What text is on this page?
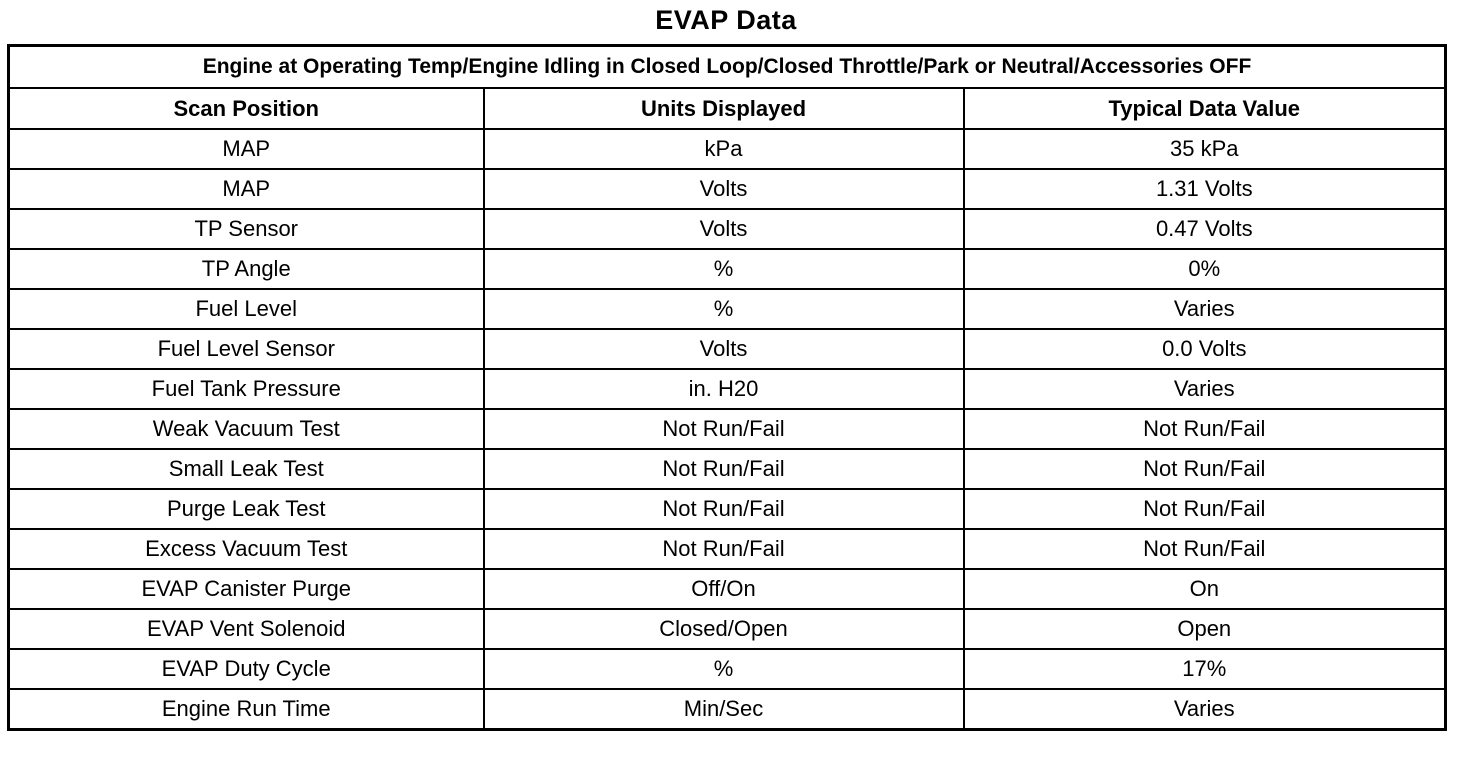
EVAP Data
Engine at Operating Temp/Engine Idling in Closed Loop/Closed Throttle/Park or Neutral/Accessories OFF		
Scan Position	Units Displayed	Typical Data Value
MAP	kPa	35 kPa
MAP	Volts	1.31 Volts
TP Sensor	Volts	0.47 Volts
TP Angle	%	0%
Fuel Level	%	Varies
Fuel Level Sensor	Volts	0.0 Volts
Fuel Tank Pressure	in. H20	Varies
Weak Vacuum Test	Not Run/Fail	Not Run/Fail
Small Leak Test	Not Run/Fail	Not Run/Fail
Purge Leak Test	Not Run/Fail	Not Run/Fail
Excess Vacuum Test	Not Run/Fail	Not Run/Fail
EVAP Canister Purge	Off/On	On
EVAP Vent Solenoid	Closed/Open	Open
EVAP Duty Cycle	%	17%
Engine Run Time	Min/Sec	Varies
